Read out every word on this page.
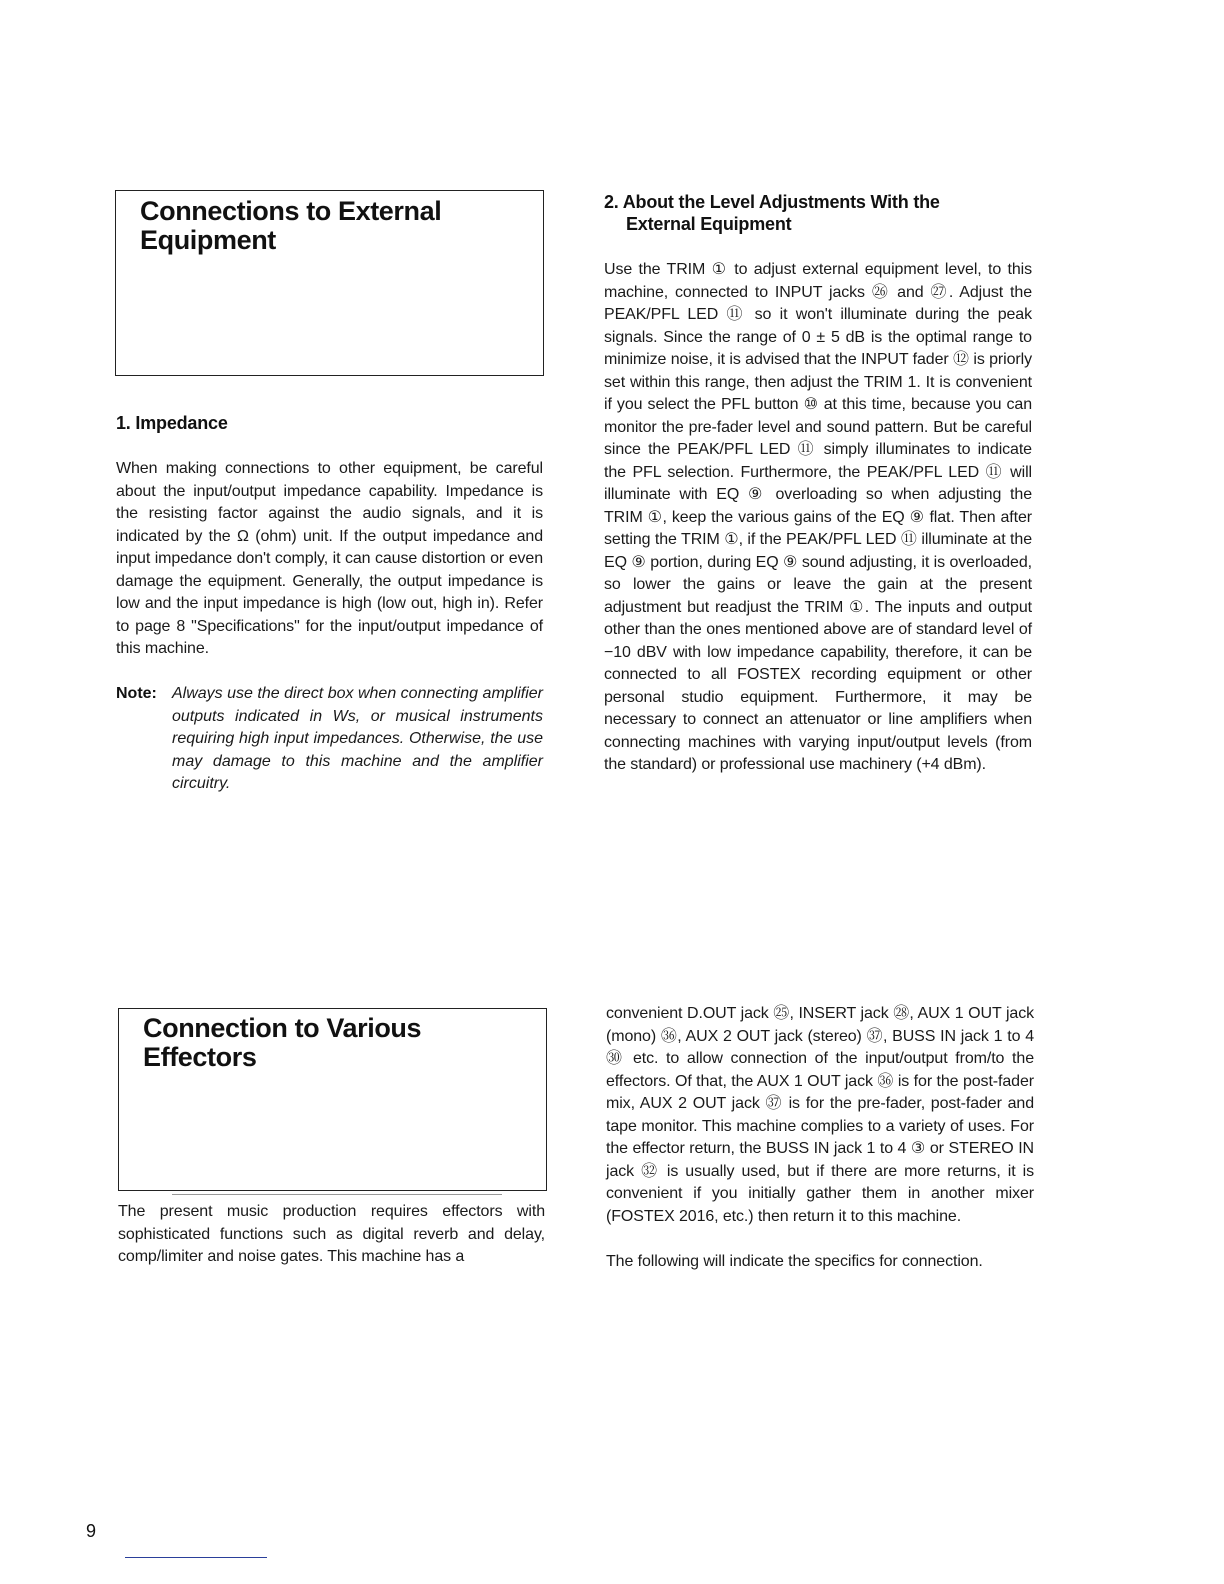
Connections to External
Equipment
1. Impedance

When making connections to other equipment, be careful about the input/output impedance capability. Impedance is the resisting factor against the audio signals, and it is indicated by the Ω (ohm) unit. If the output impedance and input impedance don't comply, it can cause distortion or even damage the equipment. Generally, the output impedance is low and the input impedance is high (low out, high in). Refer to page 8 "Specifications" for the input/output impedance of this machine.

Note: Always use the direct box when connecting amplifier outputs indicated in Ws, or musical instruments requiring high input impedances. Otherwise, the use may damage to this machine and the amplifier circuitry.

2. About the Level Adjustments With the
External Equipment

Use the TRIM ① to adjust external equipment level, to this machine, connected to INPUT jacks ㉖ and ㉗. Adjust the PEAK/PFL LED ⑪ so it won't illuminate during the peak signals. Since the range of 0 ± 5 dB is the optimal range to minimize noise, it is advised that the INPUT fader ⑫ is priorly set within this range, then adjust the TRIM 1. It is convenient if you select the PFL button ⑩ at this time, because you can monitor the pre-fader level and sound pattern. But be careful since the PEAK/PFL LED ⑪ simply illuminates to indicate the PFL selection. Furthermore, the PEAK/PFL LED ⑪ will illuminate with EQ ⑨ overloading so when adjusting the TRIM ①, keep the various gains of the EQ ⑨ flat. Then after setting the TRIM ①, if the PEAK/PFL LED ⑪ illuminate at the EQ ⑨ portion, during EQ ⑨ sound adjusting, it is overloaded, so lower the gains or leave the gain at the present adjustment but readjust the TRIM ①. The inputs and output other than the ones mentioned above are of standard level of −10 dBV with low impedance capability, therefore, it can be connected to all FOSTEX recording equipment or other personal studio equipment. Furthermore, it may be necessary to connect an attenuator or line amplifiers when connecting machines with varying input/output levels (from the standard) or professional use machinery (+4 dBm).

Connection to Various
Effectors

The present music production requires effectors with sophisticated functions such as digital reverb and delay, comp/limiter and noise gates. This machine has a

convenient D.OUT jack ㉕, INSERT jack ㉘, AUX 1 OUT jack (mono) ㊱, AUX 2 OUT jack (stereo) ㊲, BUSS IN jack 1 to 4 ㉚ etc. to allow connection of the input/output from/to the effectors. Of that, the AUX 1 OUT jack ㊱ is for the post-fader mix, AUX 2 OUT jack ㊲ is for the pre-fader, post-fader and tape monitor. This machine complies to a variety of uses. For the effector return, the BUSS IN jack 1 to 4 ③ or STEREO IN jack ㉜ is usually used, but if there are more returns, it is convenient if you initially gather them in another mixer (FOSTEX 2016, etc.) then return it to this machine.

The following will indicate the specifics for connection.

9
